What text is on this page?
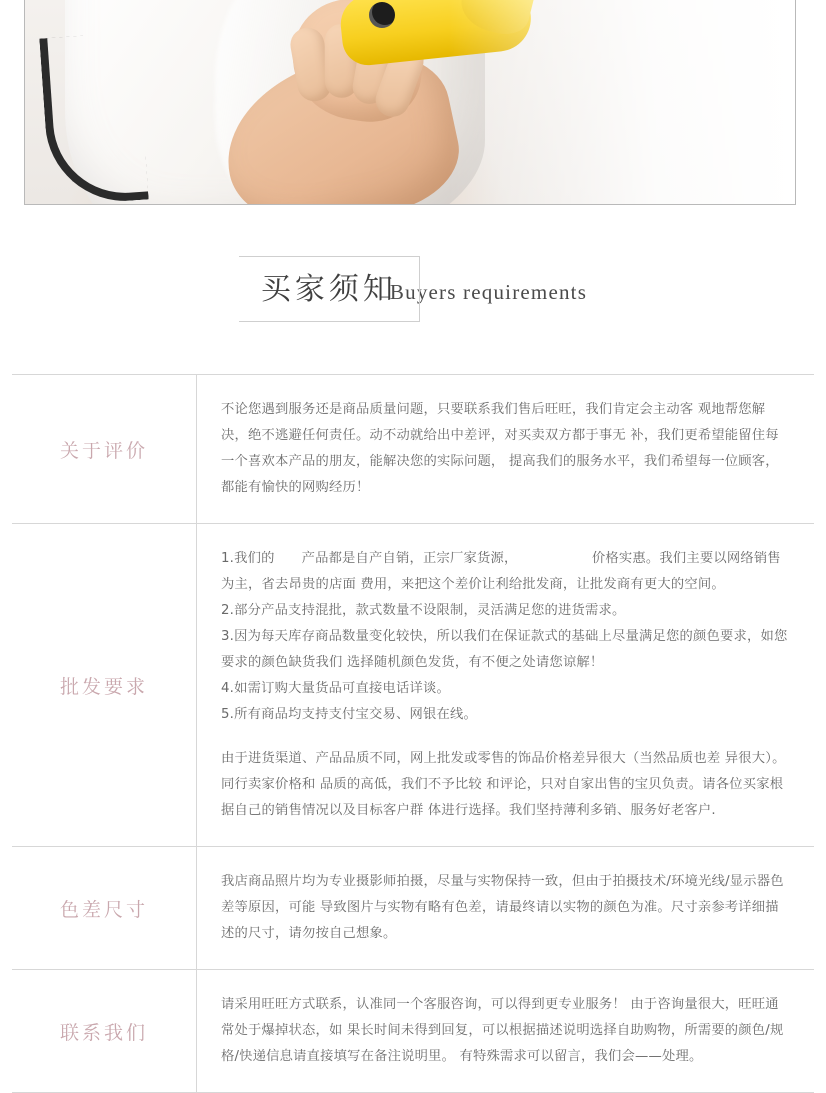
买家须知
Buyers requirements
关于评价

不论您遇到服务还是商品质量问题，只要联系我们售后旺旺，我们肯定会主动客 观地帮您解决，绝不逃避任何责任。动不动就给出中差评，对买卖双方都于事无 补，我们更希望能留住每一个喜欢本产品的朋友，能解决您的实际问题， 提高我们的服务水平，我们希望每一位顾客，都能有愉快的网购经历！

批发要求

1.我们的　　产品都是自产自销，正宗厂家货源，　　　　　　价格实惠。我们主要以网络销售为主，省去昂贵的店面 费用，来把这个差价让利给批发商，让批发商有更大的空间。

2.部分产品支持混批，款式数量不设限制，灵活满足您的进货需求。

3.因为每天库存商品数量变化较快，所以我们在保证款式的基础上尽量满足您的颜色要求，如您要求的颜色缺货我们 选择随机颜色发货，有不便之处请您谅解！

4.如需订购大量货品可直接电话详谈。

5.所有商品均支持支付宝交易、网银在线。

由于进货渠道、产品品质不同，网上批发或零售的饰品价格差异很大（当然品质也差 异很大）。同行卖家价格和 品质的高低，我们不予比较 和评论，只对自家出售的宝贝负责。请各位买家根据自己的销售情况以及目标客户群 体进行选择。我们坚持薄利多销、服务好老客户.

色差尺寸

我店商品照片均为专业摄影师拍摄，尽量与实物保持一致，但由于拍摄技术/环境光线/显示器色差等原因，可能 导致图片与实物有略有色差，请最终请以实物的颜色为准。尺寸亲参考详细描述的尺寸，请勿按自己想象。

联系我们

请采用旺旺方式联系，认准同一个客服咨询，可以得到更专业服务！ 由于咨询量很大，旺旺通常处于爆掉状态，如 果长时间未得到回复，可以根据描述说明选择自助购物，所需要的颜色/规格/快递信息请直接填写在备注说明里。 有特殊需求可以留言，我们会——处理。
